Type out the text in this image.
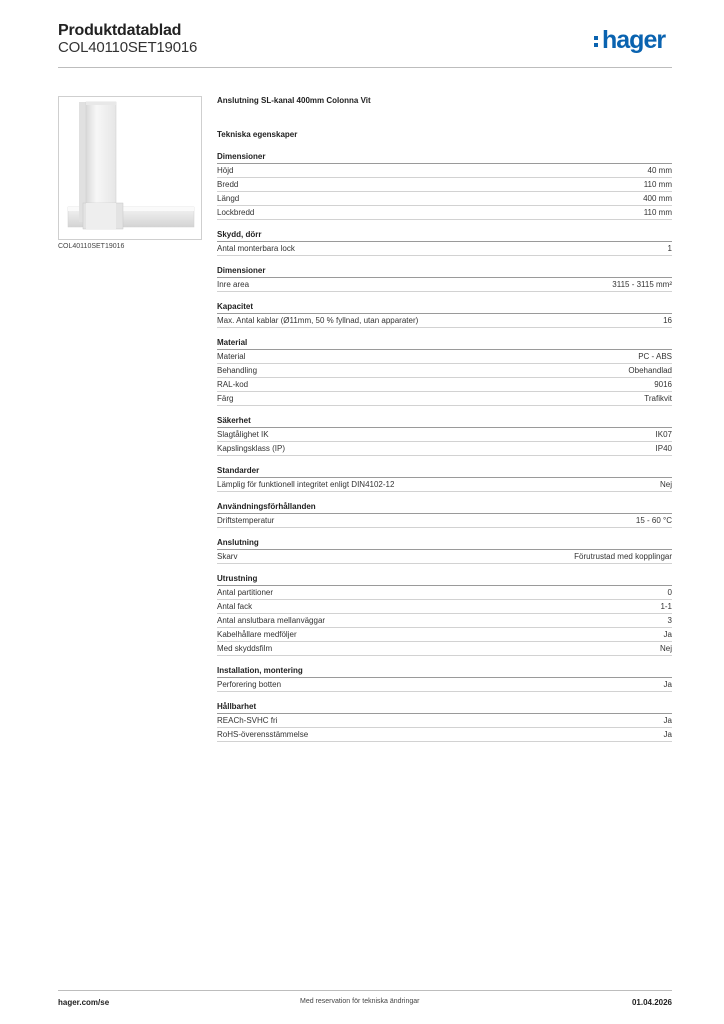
Produktdatablad
COL40110SET19016	hager
COL40110SET19016
Anslutning SL-kanal 400mm Colonna Vit
Tekniska egenskaper
Dimensioner
Höjd	40 mm
Bredd	110 mm
Längd	400 mm
Lockbredd	110 mm
Skydd, dörr
Antal monterbara lock	1
Dimensioner
Inre area	3115 - 3115 mm²
Kapacitet
Max. Antal kablar (Ø11mm, 50 % fyllnad, utan apparater)	16
Material
Material	PC - ABS
Behandling	Obehandlad
RAL-kod	9016
Färg	Trafikvit
Säkerhet
Slagtålighet IK	IK07
Kapslingsklass (IP)	IP40
Standarder
Lämplig för funktionell integritet enligt DIN4102-12	Nej
Användningsförhållanden
Driftstemperatur	15 - 60 °C
Anslutning
Skarv	Förutrustad med kopplingar
Utrustning
Antal partitioner	0
Antal fack	1-1
Antal anslutbara mellanväggar	3
Kabelhållare medföljer	Ja
Med skyddsfilm	Nej
Installation, montering
Perforering botten	Ja
Hållbarhet
REACh-SVHC fri	Ja
RoHS-överensstämmelse	Ja
hager.com/se	Med reservation för tekniska ändringar	01.04.2026
